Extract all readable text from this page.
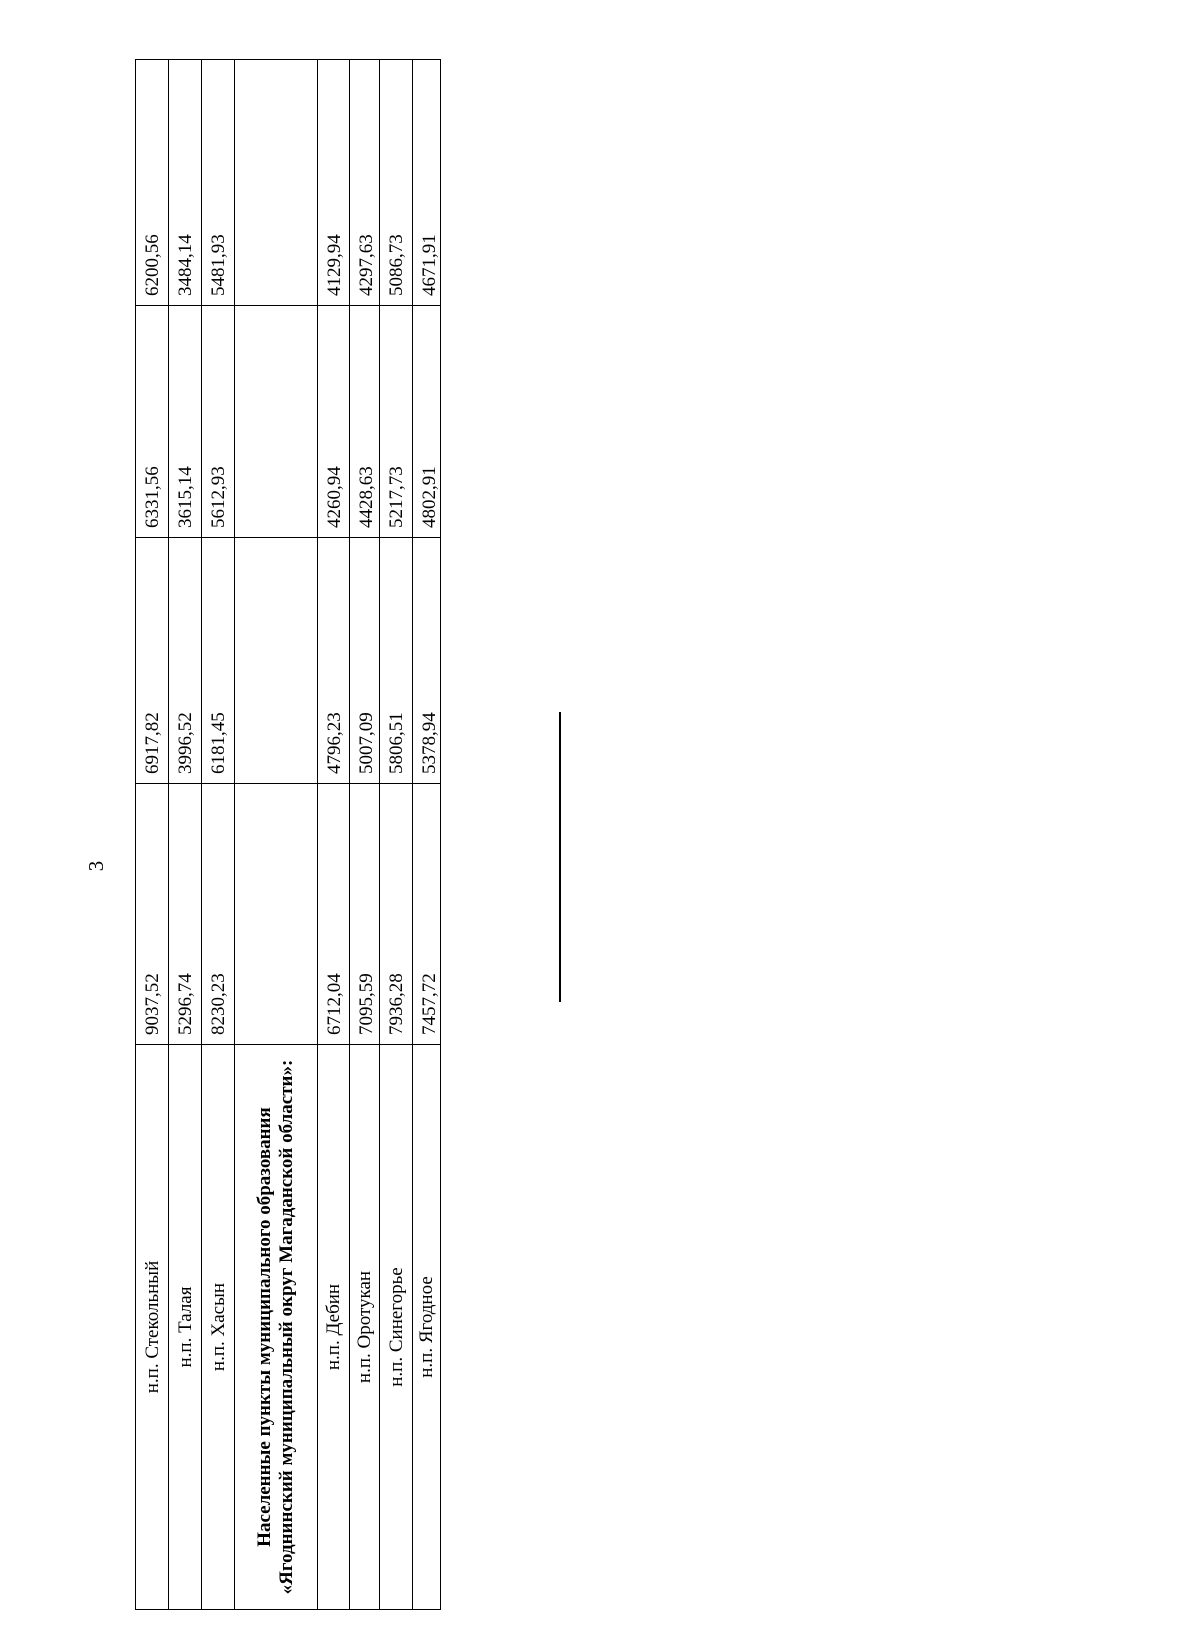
3
н.п. Стекольный	9037,52	6917,82	6331,56	6200,56
н.п. Талая	5296,74	3996,52	3615,14	3484,14
н.п. Хасын	8230,23	6181,45	5612,93	5481,93
Населенные пункты муниципального образования «Ягоднинский муниципальный округ Магаданской области»:				
н.п. Дебин	6712,04	4796,23	4260,94	4129,94
н.п. Оротукан	7095,59	5007,09	4428,63	4297,63
н.п. Синегорье	7936,28	5806,51	5217,73	5086,73
н.п. Ягодное	7457,72	5378,94	4802,91	4671,91
